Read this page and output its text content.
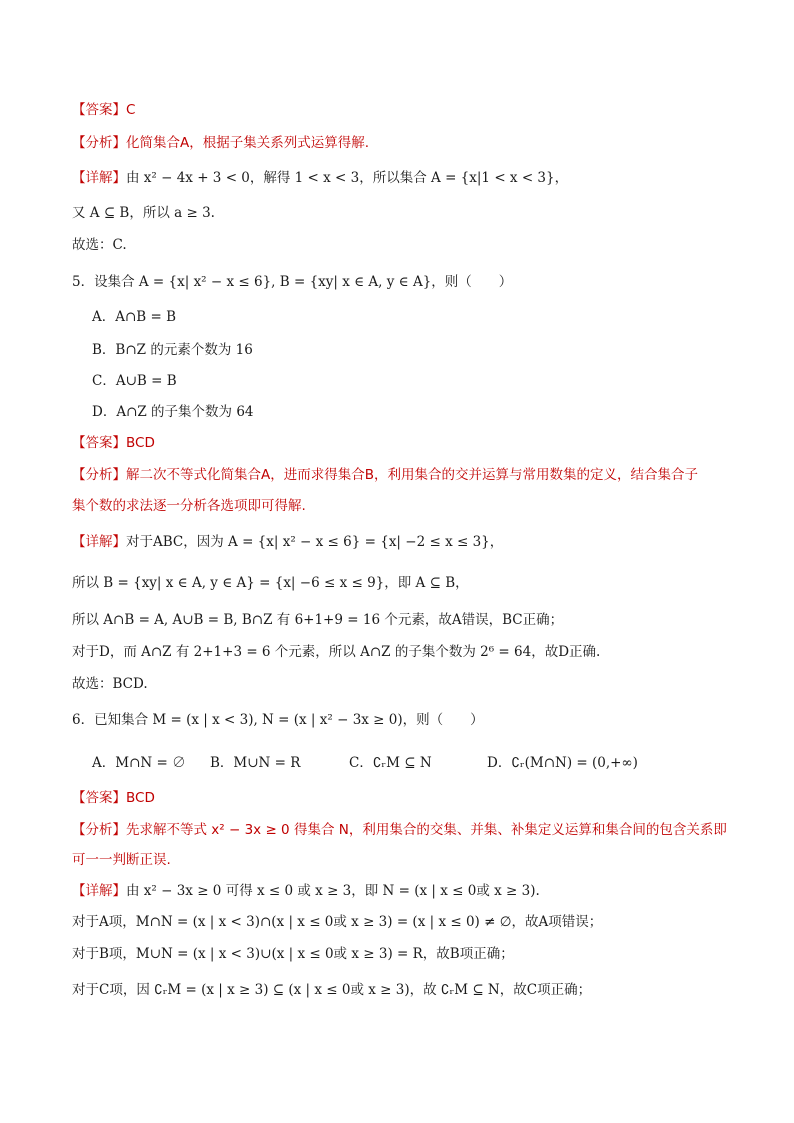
【答案】C
【分析】化简集合A，根据子集关系列式运算得解.
【详解】由 x² − 4x + 3 < 0，解得 1 < x < 3，所以集合 A = {x|1 < x < 3}，
又 A ⊆ B，所以 a ≥ 3.
故选：C.
5．设集合 A = {x| x² − x ≤ 6}, B = {xy| x ∈ A, y ∈ A}，则（　　）
A．A∩B = B
B．B∩Z 的元素个数为 16
C．A∪B = B
D．A∩Z 的子集个数为 64
【答案】BCD
【分析】解二次不等式化简集合A，进而求得集合B，利用集合的交并运算与常用数集的定义，结合集合子
集个数的求法逐一分析各选项即可得解.
【详解】对于ABC，因为 A = {x| x² − x ≤ 6} = {x| −2 ≤ x ≤ 3}，
所以 B = {xy| x ∈ A, y ∈ A} = {x| −6 ≤ x ≤ 9}，即 A ⊆ B，
所以 A∩B = A, A∪B = B, B∩Z 有 6+1+9 = 16 个元素，故A错误，BC正确；
对于D，而 A∩Z 有 2+1+3 = 6 个元素，所以 A∩Z 的子集个数为 2⁶ = 64，故D正确.
故选：BCD.
6．已知集合 M = (x | x < 3), N = (x | x² − 3x ≥ 0)，则（　　）
A．M∩N = ∅ B．M∪N = R	C．∁ᵣM ⊆ N	D．∁ᵣ(M∩N) = (0,+∞)
【答案】BCD
【分析】先求解不等式 x² − 3x ≥ 0 得集合 N，利用集合的交集、并集、补集定义运算和集合间的包含关系即
可一一判断正误.
【详解】由 x² − 3x ≥ 0 可得 x ≤ 0 或 x ≥ 3，即 N = (x | x ≤ 0或 x ≥ 3).
对于A项，M∩N = (x | x < 3)∩(x | x ≤ 0或 x ≥ 3) = (x | x ≤ 0) ≠ ∅，故A项错误；
对于B项，M∪N = (x | x < 3)∪(x | x ≤ 0或 x ≥ 3) = R，故B项正确；
对于C项，因 ∁ᵣM = (x | x ≥ 3) ⊆ (x | x ≤ 0或 x ≥ 3)，故 ∁ᵣM ⊆ N，故C项正确；
